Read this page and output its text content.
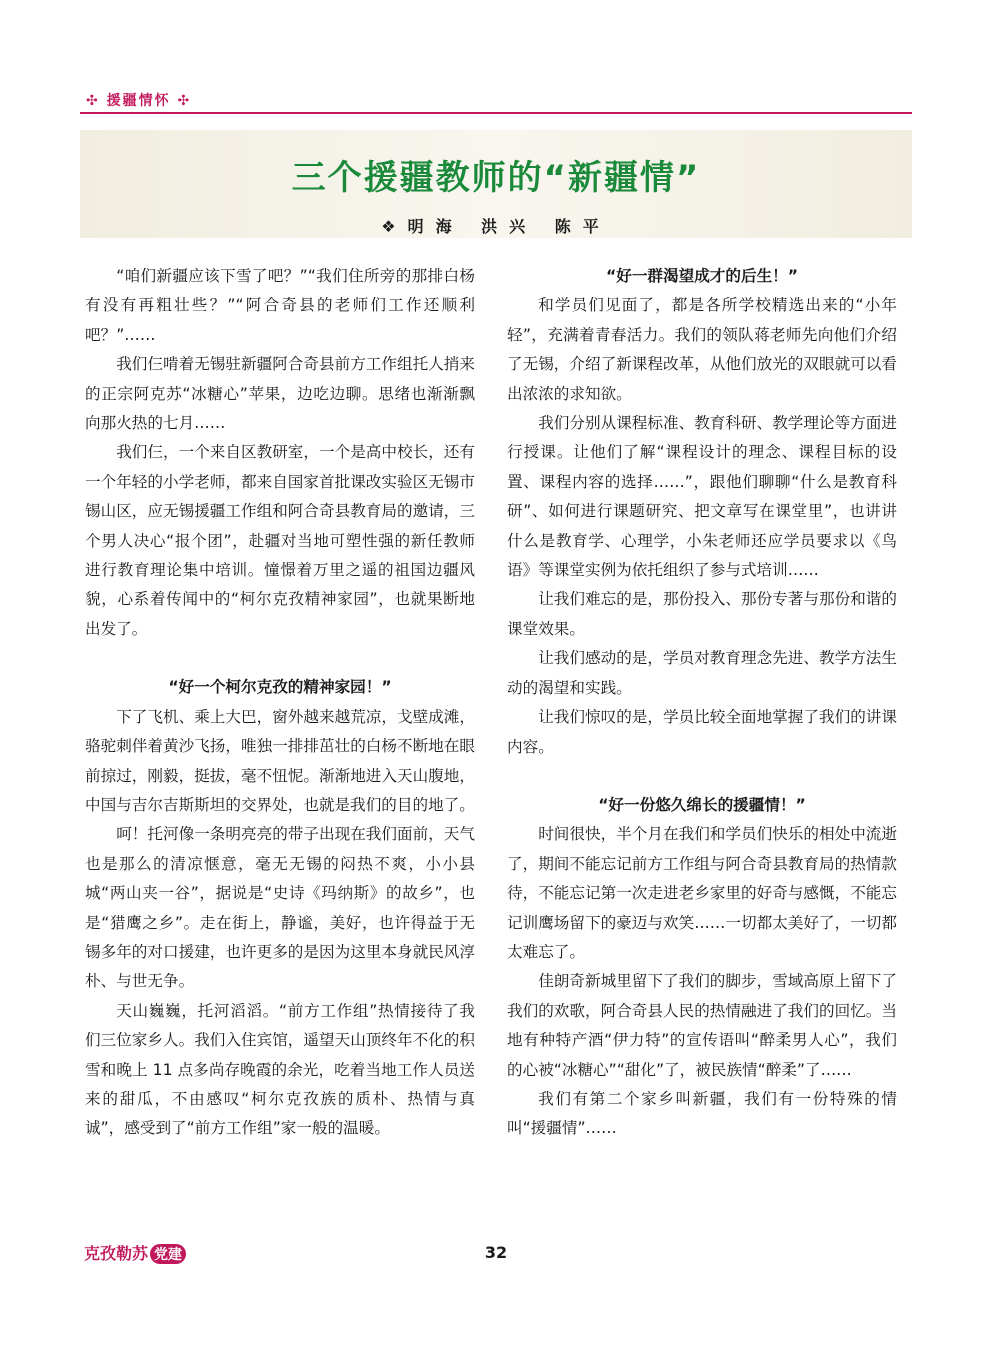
✣ 援疆情怀 ✣
三个援疆教师的“新疆情”
❖明海 洪兴 陈平

“咱们新疆应该下雪了吧？”“我们住所旁的那排白杨有没有再粗壮些？”“阿合奇县的老师们工作还顺利吧？”……

我们仨啃着无锡驻新疆阿合奇县前方工作组托人捎来的正宗阿克苏“冰糖心”苹果，边吃边聊。思绪也渐渐飘向那火热的七月……

我们仨，一个来自区教研室，一个是高中校长，还有一个年轻的小学老师，都来自国家首批课改实验区无锡市锡山区，应无锡援疆工作组和阿合奇县教育局的邀请，三个男人决心“报个团”，赴疆对当地可塑性强的新任教师进行教育理论集中培训。憧憬着万里之遥的祖国边疆风貌，心系着传闻中的“柯尔克孜精神家园”，也就果断地出发了。

“好一个柯尔克孜的精神家园！”

下了飞机、乘上大巴，窗外越来越荒凉，戈壁成滩，骆驼刺伴着黄沙飞扬，唯独一排排茁壮的白杨不断地在眼前掠过，刚毅，挺拔，毫不忸怩。渐渐地进入天山腹地，中国与吉尔吉斯斯坦的交界处，也就是我们的目的地了。

呵！托河像一条明亮亮的带子出现在我们面前，天气也是那么的清凉惬意，毫无无锡的闷热不爽，小小县城“两山夹一谷”，据说是“史诗《玛纳斯》的故乡”，也是“猎鹰之乡”。走在街上，静谧，美好，也许得益于无锡多年的对口援建，也许更多的是因为这里本身就民风淳朴、与世无争。

天山巍巍，托河滔滔。“前方工作组”热情接待了我们三位家乡人。我们入住宾馆，遥望天山顶终年不化的积雪和晚上 11 点多尚存晚霞的余光，吃着当地工作人员送来的甜瓜，不由感叹“柯尔克孜族的质朴、热情与真诚”，感受到了“前方工作组”家一般的温暖。

“好一群渴望成才的后生！”

和学员们见面了，都是各所学校精选出来的“小年轻”，充满着青春活力。我们的领队蒋老师先向他们介绍了无锡，介绍了新课程改革，从他们放光的双眼就可以看出浓浓的求知欲。

我们分别从课程标准、教育科研、教学理论等方面进行授课。让他们了解“课程设计的理念、课程目标的设置、课程内容的选择……”，跟他们聊聊“什么是教育科研”、如何进行课题研究、把文章写在课堂里”，也讲讲什么是教育学、心理学，小朱老师还应学员要求以《鸟语》等课堂实例为依托组织了参与式培训……

让我们难忘的是，那份投入、那份专著与那份和谐的课堂效果。

让我们感动的是，学员对教育理念先进、教学方法生动的渴望和实践。

让我们惊叹的是，学员比较全面地掌握了我们的讲课内容。

“好一份悠久绵长的援疆情！”

时间很快，半个月在我们和学员们快乐的相处中流逝了，期间不能忘记前方工作组与阿合奇县教育局的热情款待，不能忘记第一次走进老乡家里的好奇与感慨，不能忘记训鹰场留下的豪迈与欢笑……一切都太美好了，一切都太难忘了。

佳朗奇新城里留下了我们的脚步，雪域高原上留下了我们的欢歌，阿合奇县人民的热情融进了我们的回忆。当地有种特产酒“伊力特”的宣传语叫“醉柔男人心”，我们的心被“冰糖心”“甜化”了，被民族情“醉柔”了……

我们有第二个家乡叫新疆，我们有一份特殊的情叫“援疆情”……

克孜勒苏 党建	32
